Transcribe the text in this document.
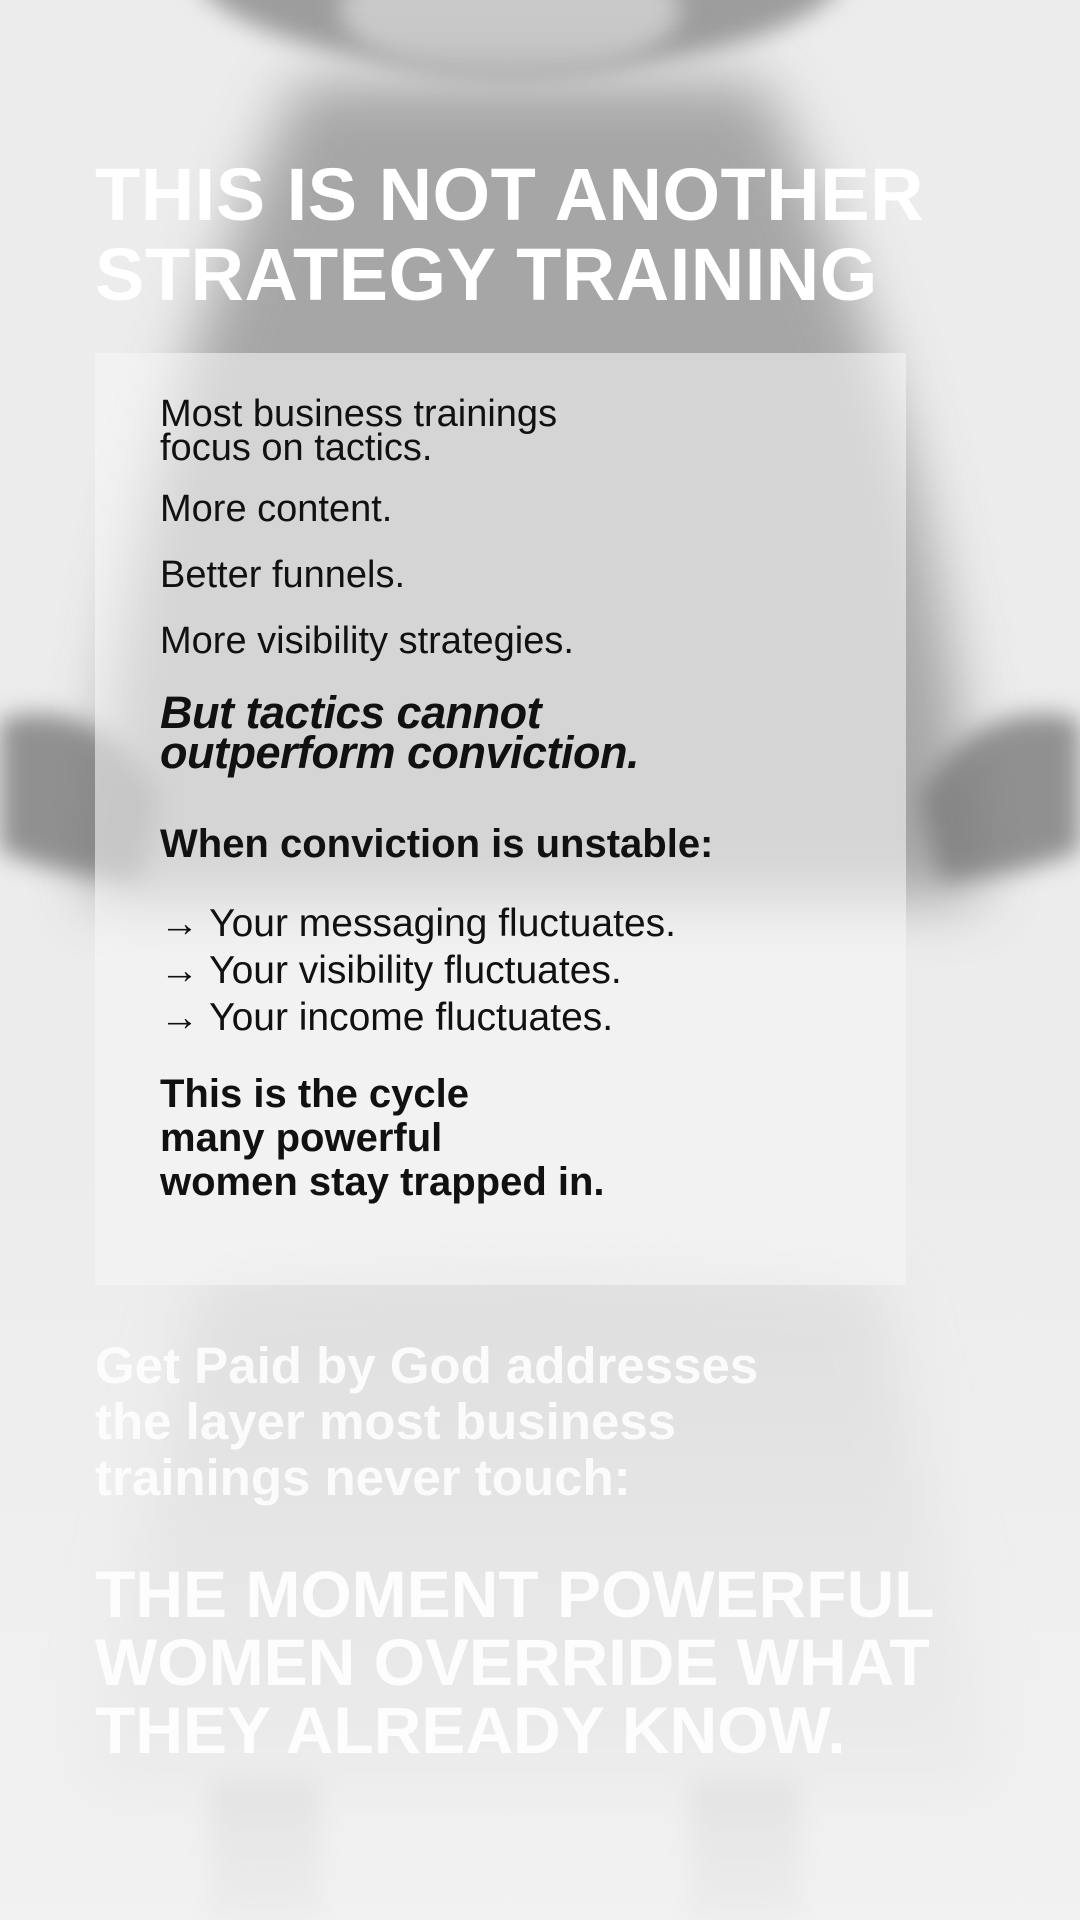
THIS IS NOT ANOTHER
STRATEGY TRAINING

Most business trainings
focus on tactics.

More content.

Better funnels.

More visibility strategies.

But tactics cannot
outperform conviction.

When conviction is unstable:

→ Your messaging fluctuates.
→ Your visibility fluctuates.
→ Your income fluctuates.

This is the cycle
many powerful
women stay trapped in.

Get Paid by God addresses
the layer most business
trainings never touch:

THE MOMENT POWERFUL
WOMEN OVERRIDE WHAT
THEY ALREADY KNOW.
